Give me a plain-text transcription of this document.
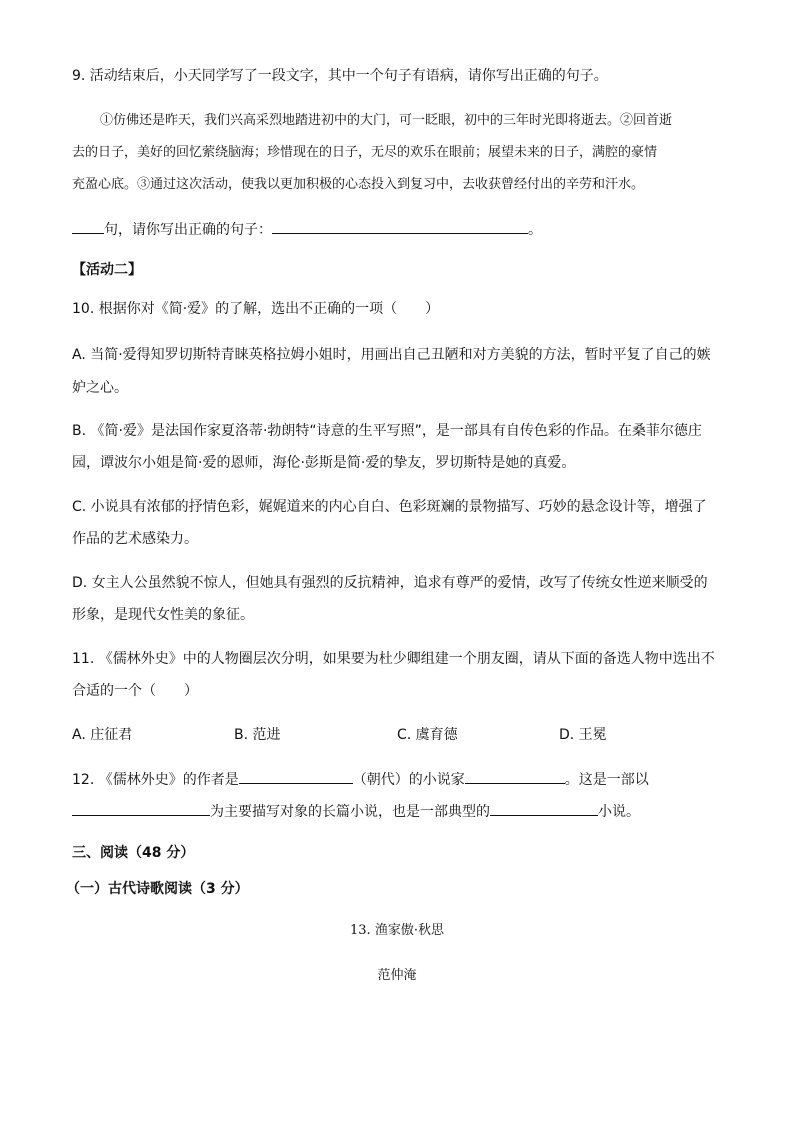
9. 活动结束后，小天同学写了一段文字，其中一个句子有语病，请你写出正确的句子。
①仿佛还是昨天，我们兴高采烈地踏进初中的大门，可一眨眼，初中的三年时光即将逝去。②回首逝
去的日子，美好的回忆萦绕脑海；珍惜现在的日子，无尽的欢乐在眼前；展望未来的日子，满腔的豪情
充盈心底。③通过这次活动，使我以更加积极的心态投入到复习中，去收获曾经付出的辛劳和汗水。
句，请你写出正确的句子：	。
【活动二】
10. 根据你对《简·爱》的了解，选出不正确的一项（　　）
A. 当简·爱得知罗切斯特青睐英格拉姆小姐时，用画出自己丑陋和对方美貌的方法，暂时平复了自己的嫉
妒之心。
B. 《简·爱》是法国作家夏洛蒂·勃朗特“诗意的生平写照”，是一部具有自传色彩的作品。在桑菲尔德庄
园，谭波尔小姐是简·爱的恩师，海伦·彭斯是简·爱的挚友，罗切斯特是她的真爱。
C. 小说具有浓郁的抒情色彩，娓娓道来的内心自白、色彩斑斓的景物描写、巧妙的悬念设计等，增强了
作品的艺术感染力。
D. 女主人公虽然貌不惊人，但她具有强烈的反抗精神，追求有尊严的爱情，改写了传统女性逆来顺受的
形象，是现代女性美的象征。
11. 《儒林外史》中的人物圈层次分明，如果要为杜少卿组建一个朋友圈，请从下面的备选人物中选出不
合适的一个（　　）
A. 庄征君	B. 范进	C. 虞育德	D. 王冕
12. 《儒林外史》的作者是	（朝代）的小说家	。这是一部以
为主要描写对象的长篇小说，也是一部典型的	小说。
三、阅读（48 分）
（一）古代诗歌阅读（3 分）
13. 渔家傲·秋思
范仲淹
